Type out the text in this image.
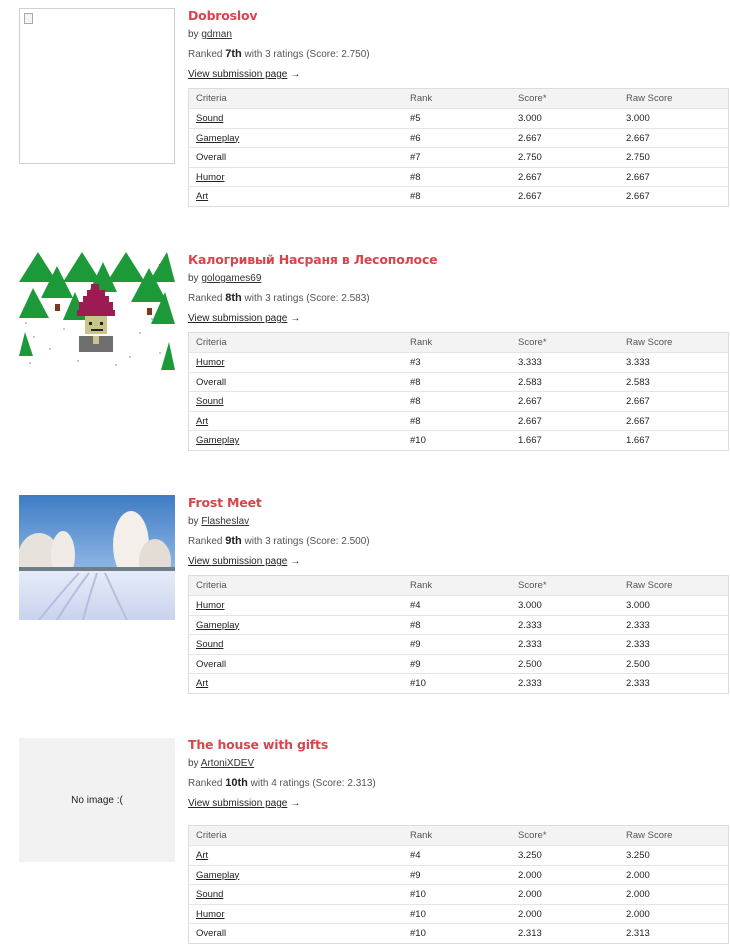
Dobroslov
by gdman
Ranked 7th with 3 ratings (Score: 2.750)
View submission page →
Criteria	Rank	Score*	Raw Score
Sound	#5	3.000	3.000
Gameplay	#6	2.667	2.667
Overall	#7	2.750	2.750
Humor	#8	2.667	2.667
Art	#8	2.667	2.667
Калогривый Насраня в Лесополосе
by gologames69
Ranked 8th with 3 ratings (Score: 2.583)
View submission page →
Criteria	Rank	Score*	Raw Score
Humor	#3	3.333	3.333
Overall	#8	2.583	2.583
Sound	#8	2.667	2.667
Art	#8	2.667	2.667
Gameplay	#10	1.667	1.667
Frost Meet
by Flasheslav
Ranked 9th with 3 ratings (Score: 2.500)
View submission page →
Criteria	Rank	Score*	Raw Score
Humor	#4	3.000	3.000
Gameplay	#8	2.333	2.333
Sound	#9	2.333	2.333
Overall	#9	2.500	2.500
Art	#10	2.333	2.333
No image :(
The house with gifts
by ArtoniXDEV
Ranked 10th with 4 ratings (Score: 2.313)
View submission page →
Criteria	Rank	Score*	Raw Score
Art	#4	3.250	3.250
Gameplay	#9	2.000	2.000
Sound	#10	2.000	2.000
Humor	#10	2.000	2.000
Overall	#10	2.313	2.313
